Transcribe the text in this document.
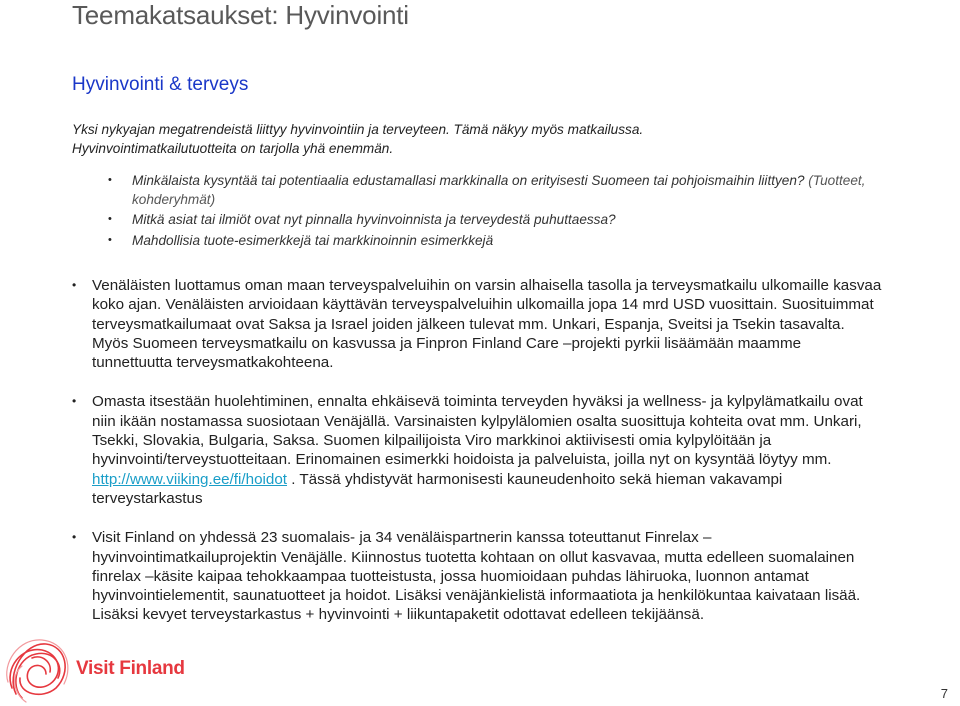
Teemakatsaukset: Hyvinvointi
Hyvinvointi & terveys

Yksi nykyajan megatrendeistä liittyy hyvinvointiin ja terveyteen. Tämä näkyy myös matkailussa.
Hyvinvointimatkailutuotteita on tarjolla yhä enemmän.

• Minkälaista kysyntää tai potentiaalia edustamallasi markkinalla on erityisesti Suomeen tai pohjoismaihin liittyen? (Tuotteet, kohderyhmät)
• Mitkä asiat tai ilmiöt ovat nyt pinnalla hyvinvoinnista ja terveydestä puhuttaessa?
• Mahdollisia tuote-esimerkkejä tai markkinoinnin esimerkkejä
• Venäläisten luottamus oman maan terveyspalveluihin on varsin alhaisella tasolla ja terveysmatkailu ulkomaille kasvaa koko ajan. Venäläisten arvioidaan käyttävän terveyspalveluihin ulkomailla jopa 14 mrd USD vuosittain. Suosituimmat terveysmatkailumaat ovat Saksa ja Israel joiden jälkeen tulevat mm. Unkari, Espanja, Sveitsi ja Tsekin tasavalta. Myös Suomeen terveysmatkailu on kasvussa ja Finpron Finland Care –projekti pyrkii lisäämään maamme tunnettuutta terveysmatkakohteena.
• Omasta itsestään huolehtiminen, ennalta ehkäisevä toiminta terveyden hyväksi ja wellness- ja kylpylämatkailu ovat niin ikään nostamassa suosiotaan Venäjällä. Varsinaisten kylpylälomien osalta suosittuja kohteita ovat mm. Unkari, Tsekki, Slovakia, Bulgaria, Saksa. Suomen kilpailijoista Viro markkinoi aktiivisesti omia kylpylöitään ja hyvinvointi/terveystuotteitaan. Erinomainen esimerkki hoidoista ja palveluista, joilla nyt on kysyntää löytyy mm. http://www.viiking.ee/fi/hoidot . Tässä yhdistyvät harmonisesti kauneudenhoito sekä hieman vakavampi terveystarkastus
• Visit Finland on yhdessä 23 suomalais- ja 34 venäläispartnerin kanssa toteuttanut Finrelax – hyvinvointimatkailuprojektin Venäjälle. Kiinnostus tuotetta kohtaan on ollut kasvavaa, mutta edelleen suomalainen finrelax –käsite kaipaa tehokkaampaa tuotteistusta, jossa huomioidaan puhdas lähiruoka, luonnon antamat hyvinvointielementit, saunatuotteet ja hoidot. Lisäksi venäjänkielistä informaatiota ja henkilökuntaa kaivataan lisää. Lisäksi kevyet terveystarkastus + hyvinvointi + liikuntapaketit odottavat edelleen tekijäänsä.
Visit Finland
7
